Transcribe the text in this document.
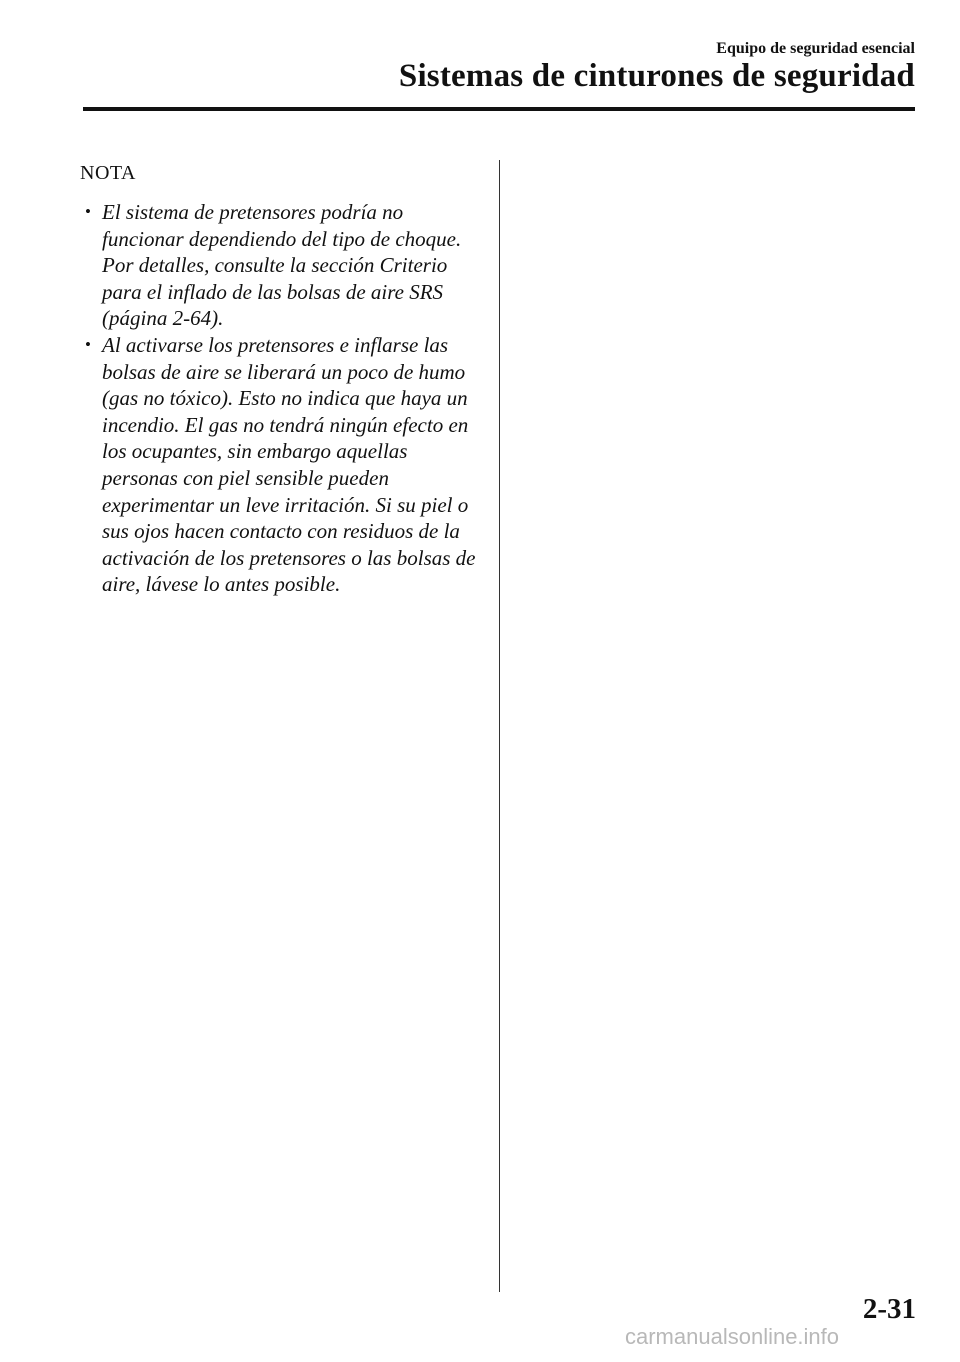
Equipo de seguridad esencial
Sistemas de cinturones de seguridad
NOTA
• El sistema de pretensores podría no funcionar dependiendo del tipo de choque. Por detalles, consulte la sección Criterio para el inflado de las bolsas de aire SRS (página 2-64).
• Al activarse los pretensores e inflarse las bolsas de aire se liberará un poco de humo (gas no tóxico). Esto no indica que haya un incendio. El gas no tendrá ningún efecto en los ocupantes, sin embargo aquellas personas con piel sensible pueden experimentar un leve irritación. Si su piel o sus ojos hacen contacto con residuos de la activación de los pretensores o las bolsas de aire, lávese lo antes posible.
2-31
carmanualsonline.info
